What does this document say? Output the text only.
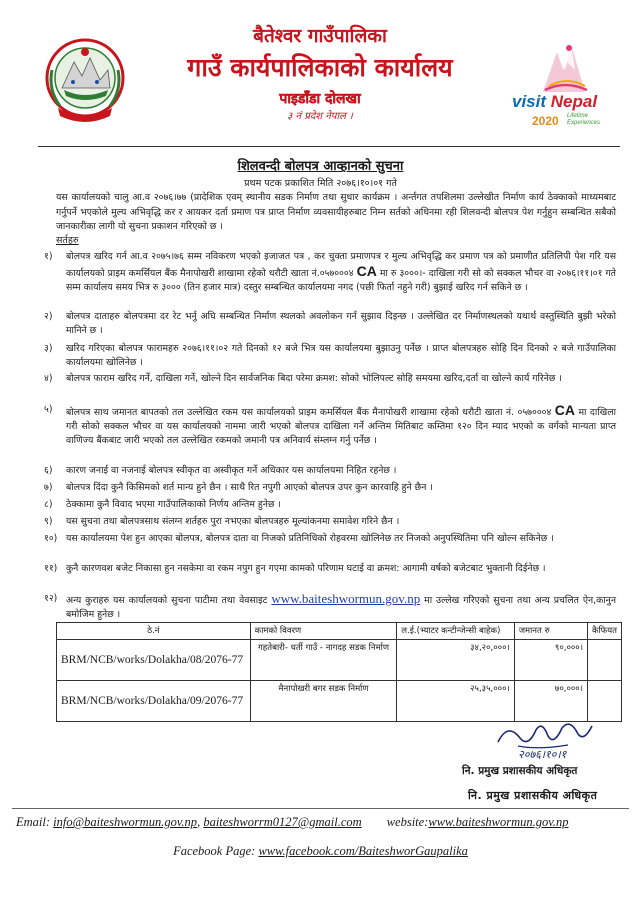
बैतेश्वर गाउँपालिका
गाउँ कार्यपालिकाको कार्यालय
पाइडाँडा दोलखा
३ नं प्रदेश नेपाल ।
visit Nepal
2020 Lifetime
Experiences
शिलवन्दी बोलपत्र आव्हानको सुचना
प्रथम पटक प्रकाशित मिति २०७६।१०।०१ गते
यस कार्यालयको चालु आ.व २०७६।७७ (प्रादेशिक एवम् स्थानीय सडक निर्माण तथा सुधार कार्यक्रम । अर्न्तगत तपशिलमा उल्लेखीत निर्माण कार्य ठेक्काको माध्यमबाट गर्नुपर्ने भएकोले मुल्य अभिवृद्धि कर र आयकर दर्ता प्रमाण पत्र प्राप्त निर्माण व्यवसायीहरुबाट निम्न सर्तको अधिनमा रही शिलवन्दी बोलपत्र पेश गर्नुहुन सम्बन्धित सबैको जानकारीका लागी यो सुचना प्रकाशन गरिएको छ ।
सर्तहरु
१)	बोलपत्र खरिद गर्न आ.व २०७५।७६ सम्म नविकरण भएको इजाजत पत्र , कर चुक्ता प्रमाणपत्र र मुल्य अभिवृद्धि कर प्रमाण पत्र को प्रमाणीत प्रतिलिपी पेश गरि यस कार्यालयको प्राइम कमर्सियल बैंक मैनापोखरी शाखामा रहेको धरौटी खाता नं.०५७०००४ CA मा रु ३०००।- दाखिला गरी सो को सक्कल भौचर वा २०७६।११।०१ गते सम्म कार्यालय समय भित्र रु ३००० (तिन हजार मात्र) दस्तुर सम्बन्धित कार्यालयमा नगद (पछी फिर्ता नहुने गरी) बुझाई खरिद गर्न सकिने छ ।
२)	बोलपत्र दाताहरु बोलपत्रमा दर रेट भर्नु अघि सम्बन्धित निर्माण स्थलको अवलोकन गर्न सुझाव दिइन्छ । उल्लेखित दर निर्माणस्थलको यथार्थ वस्तुस्थिति बुझी भरेको मानिने छ ।
३)	खरिद गरिएका बोलपत्र फारामहरु २०७६।११।०२ गते दिनको १२ बजे भित्र यस कार्यालयमा बुझाउनु पर्नेछ । प्राप्त बोलपत्रहरु सोहि दिन दिनको २ बजे गाउँपालिका कार्यालयमा खोलिनेछ ।
४)	बोलपत्र फाराम खरिद गर्ने, दाखिला गर्ने, खोल्ने दिन सार्वजनिक बिदा परेमा क्रमश: सोको भोलिपल्ट सोहि समयमा खरिद,दर्ता वा खोल्ने कार्य गरिनेछ ।
५)	बोलपत्र साथ जमानत बापतको तल उल्लेखित रकम यस कार्यालयको प्राइम कमर्सियल बैंक मैनापोखरी शाखामा रहेको धरौटी खाता नं. ०५७०००४ CA मा दाखिला गरी सोको सक्कल भौचर वा यस कार्यालयको नाममा जारी भएको बोलपत्र दाखिला गर्ने अन्तिम मितिबाट कम्तिमा १२० दिन म्याद भएको क वर्गको मान्यता प्राप्त वाणिज्य बैंकबाट जारी भएको तल उल्लेखित रकमको जमानी पत्र अनिवार्य संम्लग्न गर्नु पर्नेछ ।
६)	कारण जनाई वा नजनाई बोलपत्र स्वीकृत वा अस्वीकृत गर्ने अधिकार यस कार्यालयमा निहित रहनेछ ।
७)	बोलपत्र दिंदा कुनै किसिमको शर्त मान्य हुने छैन । साथै रित नपुगी आएको बोलपत्र उपर कुन कारवाहि हुने छैन ।
८)	ठेक्कामा कुनै विवाद भएमा गाउँपालिकाको निर्णय अन्तिम हुनेछ ।
९)	यस सुचना तथा बोलपत्रसाथ संलग्न शर्तहरु पुरा नभएका बोलपत्रहरु मूल्यांकनमा समावेश गरिने छैन ।
१०) यस कार्यालयमा पेश हुन आएका बोलपत्र, बोलपत्र दाता वा निजको प्रतिनिधिको रोहवरमा खोलिनेछ तर निजको अनुपस्थितिमा पनि खोल्न सकिनेछ ।
११) कुनै कारणवश बजेट निकासा हुन नसकेमा वा रकम नपुग हुन गएमा कामको परिणाम घटाई वा क्रमश: आगामी वर्षको बजेटबाट भुक्तानी दिईनेछ ।
१२) अन्य कुराहरु यस कार्यालयको सुचना पाटीमा तथा वेवसाइट www.baiteshwormun.gov.np मा उल्लेख गरिएको सुचना तथा अन्य प्रचलित ऐन,कानुन बमोजिम हुनेछ ।
ठे.नं	कामको विवरण	ल.ई.(भ्याटर कन्टीन्जेन्सी बाहेक)	जमानत रु	कैफियत
BRM/NCB/works/Dolakha/08/2076-77	गहतेबारी- धर्ती गाउँ - नागदह सडक निर्माण	३४,२०,०००।	९०,०००।	
BRM/NCB/works/Dolakha/09/2076-77	मैनापोखरी बगर सडक निर्माण	२५,३५,०००।	७०,०००।	
२०७६।१०।१
नि. प्रमुख प्रशासकीय अधिकृत
नि. प्रमुख प्रशासकीय अधिकृत
Email: info@baiteshwormun.gov.np, baiteshworrm0127@gmail.com website:www.baiteshwormun.gov.np
Facebook Page: www.facebook.com/BaiteshworGaupalika
